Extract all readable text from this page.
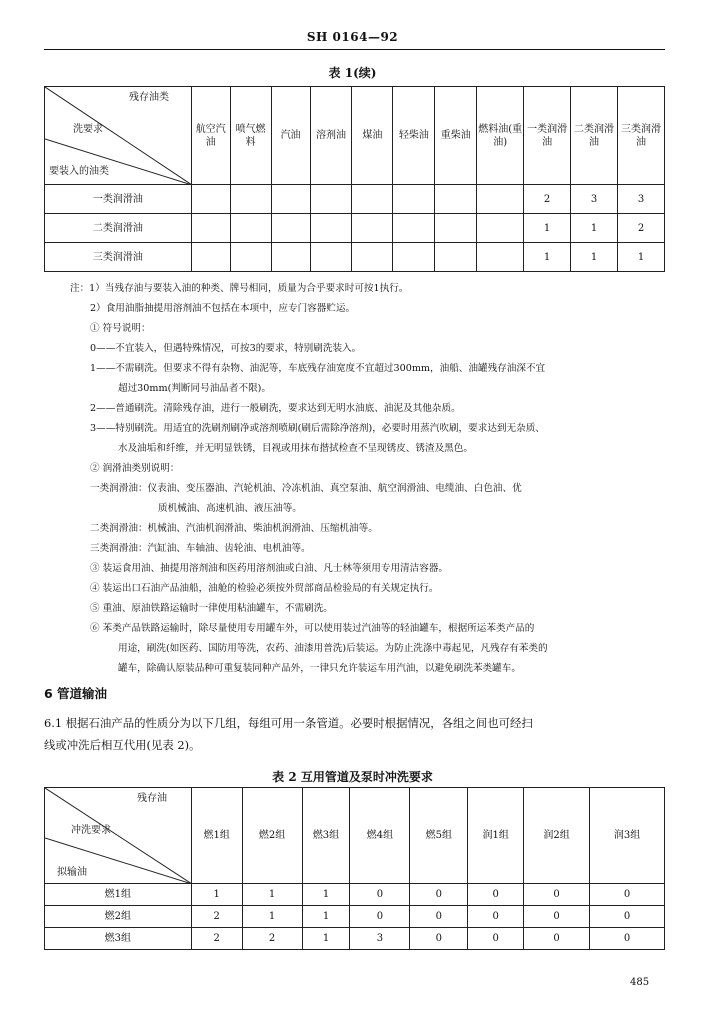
SH 0164—92
表 1(续)
残存油类
洗要求
要装入的油类	航空汽油	喷气燃料	汽油	溶剂油	煤油	轻柴油	重柴油	燃料油(重油)	一类润滑油	二类润滑油	三类润滑油
一类润滑油									2	3	3
二类润滑油									1	1	2
三类润滑油									1	1	1
注：1）当残存油与要装入油的种类、牌号相同，质量为合乎要求时可按1执行。
2）食用油脂抽提用溶剂油不包括在本项中，应专门容器贮运。
① 符号说明：
0——不宜装入，但遇特殊情况，可按3的要求，特别刷洗装入。
1——不需刷洗。但要求不得有杂物、油泥等，车底残存油宽度不宜超过300mm，油船、油罐残存油深不宜
超过30mm(判断同号油品者不限)。
2——普通刷洗。清除残存油，进行一般刷洗，要求达到无明水油底、油泥及其他杂质。
3——特别刷洗。用适宜的洗刷剂刷净或溶剂喷刷(刷后需除净溶剂)，必要时用蒸汽吹刷，要求达到无杂质、
水及油垢和纤维，并无明显铁锈，目视或用抹布揩拭检查不呈现锈皮、锈渣及黑色。
② 润滑油类别说明：
一类润滑油：仪表油、变压器油、汽轮机油、冷冻机油、真空泵油、航空润滑油、电缆油、白色油、优
质机械油、高速机油、液压油等。
二类润滑油：机械油、汽油机润滑油、柴油机润滑油、压缩机油等。
三类润滑油：汽缸油、车轴油、齿轮油、电机油等。
③ 装运食用油、抽提用溶剂油和医药用溶剂油或白油、凡士林等须用专用清洁容器。
④ 装运出口石油产品油船，油舱的检验必须按外贸部商品检验局的有关规定执行。
⑤ 重油、原油铁路运输时一律使用粘油罐车，不需刷洗。
⑥ 苯类产品铁路运输时，除尽量使用专用罐车外，可以使用装过汽油等的轻油罐车，根据所运苯类产品的
用途，刷洗(如医药、国防用等洗，农药、油漆用普洗)后装运。为防止洗涤中毒起见，凡残存有苯类的
罐车，除确认原装品种可重复装同种产品外，一律只允许装运车用汽油，以避免刷洗苯类罐车。
6 管道输油
6.1 根据石油产品的性质分为以下几组，每组可用一条管道。必要时根据情况，各组之间也可经扫
线或冲洗后相互代用(见表 2)。
表 2 互用管道及泵时冲洗要求
残存油
冲洗要求
拟输油	燃1组	燃2组	燃3组	燃4组	燃5组	润1组	润2组	润3组
燃1组	1	1	1	0	0	0	0	0
燃2组	2	1	1	0	0	0	0	0
燃3组	2	2	1	3	0	0	0	0
485
